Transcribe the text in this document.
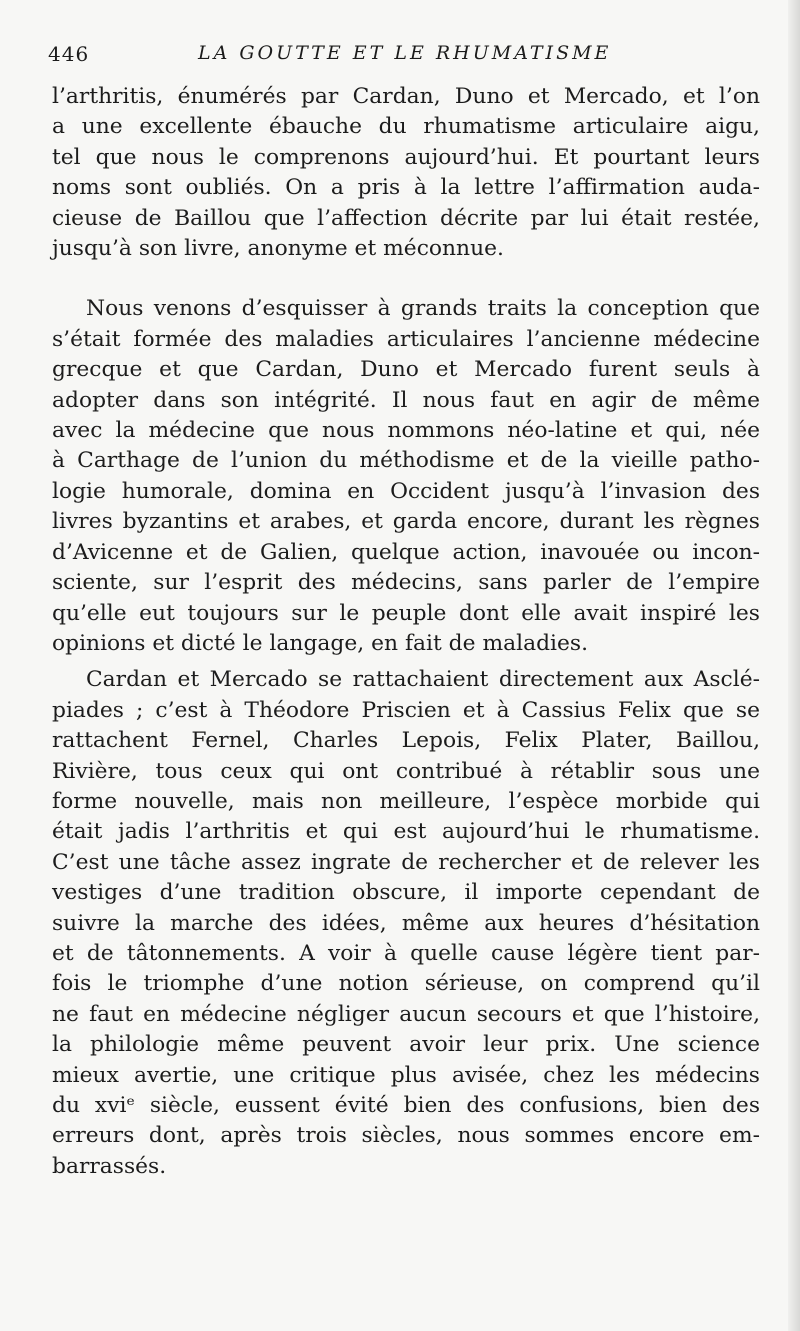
446	LA GOUTTE ET LE RHUMATISME

l’arthritis, énumérés par Cardan, Duno et Mercado, et l’on
a une excellente ébauche du rhumatisme articulaire aigu,
tel que nous le comprenons aujourd’hui. Et pourtant leurs
noms sont oubliés. On a pris à la lettre l’affirmation auda-
cieuse de Baillou que l’affection décrite par lui était restée,
jusqu’à son livre, anonyme et méconnue.

Nous venons d’esquisser à grands traits la conception que
s’était formée des maladies articulaires l’ancienne médecine
grecque et que Cardan, Duno et Mercado furent seuls à
adopter dans son intégrité. Il nous faut en agir de même
avec la médecine que nous nommons néo-latine et qui, née
à Carthage de l’union du méthodisme et de la vieille patho-
logie humorale, domina en Occident jusqu’à l’invasion des
livres byzantins et arabes, et garda encore, durant les règnes
d’Avicenne et de Galien, quelque action, inavouée ou incon-
sciente, sur l’esprit des médecins, sans parler de l’empire
qu’elle eut toujours sur le peuple dont elle avait inspiré les
opinions et dicté le langage, en fait de maladies.

Cardan et Mercado se rattachaient directement aux Asclé-
piades ; c’est à Théodore Priscien et à Cassius Felix que se
rattachent Fernel, Charles Lepois, Felix Plater, Baillou,
Rivière, tous ceux qui ont contribué à rétablir sous une
forme nouvelle, mais non meilleure, l’espèce morbide qui
était jadis l’arthritis et qui est aujourd’hui le rhumatisme.
C’est une tâche assez ingrate de rechercher et de relever les
vestiges d’une tradition obscure, il importe cependant de
suivre la marche des idées, même aux heures d’hésitation
et de tâtonnements. A voir à quelle cause légère tient par-
fois le triomphe d’une notion sérieuse, on comprend qu’il
ne faut en médecine négliger aucun secours et que l’histoire,
la philologie même peuvent avoir leur prix. Une science
mieux avertie, une critique plus avisée, chez les médecins
du xviᵉ siècle, eussent évité bien des confusions, bien des
erreurs dont, après trois siècles, nous sommes encore em-
barrassés.
